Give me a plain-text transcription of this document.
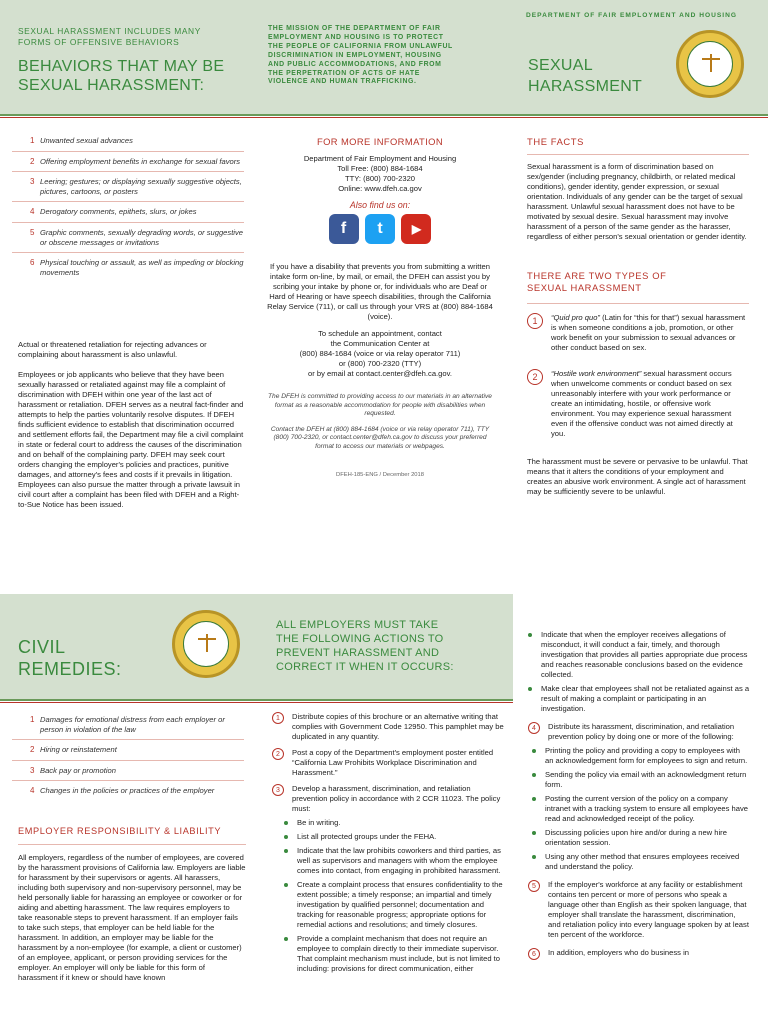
SEXUAL HARASSMENT INCLUDES MANY
FORMS OF OFFENSIVE BEHAVIORS
BEHAVIORS THAT MAY BE
SEXUAL HARASSMENT:
THE MISSION OF THE DEPARTMENT OF FAIR EMPLOYMENT AND HOUSING IS TO PROTECT THE PEOPLE OF CALIFORNIA FROM UNLAWFUL DISCRIMINATION IN EMPLOYMENT, HOUSING AND PUBLIC ACCOMMODATIONS, AND FROM THE PERPETRATION OF ACTS OF HATE VIOLENCE AND HUMAN TRAFFICKING.
DEPARTMENT OF FAIR EMPLOYMENT AND HOUSING
SEXUAL
HARASSMENT
1 Unwanted sexual advances
2 Offering employment benefits in exchange for sexual favors
3 Leering; gestures; or displaying sexually suggestive objects, pictures, cartoons, or posters
4 Derogatory comments, epithets, slurs, or jokes
5 Graphic comments, sexually degrading words, or suggestive or obscene messages or invitations
6 Physical touching or assault, as well as impeding or blocking movements

Actual or threatened retaliation for rejecting advances or complaining about harassment is also unlawful.

Employees or job applicants who believe that they have been sexually harassed or retaliated against may file a complaint of discrimination with DFEH within one year of the last act of harassment or retaliation. DFEH serves as a neutral fact-finder and attempts to help the parties voluntarily resolve disputes. If DFEH finds sufficient evidence to establish that discrimination occurred and settlement efforts fail, the Department may file a civil complaint in state or federal court to address the causes of the discrimination and on behalf of the complaining party. DFEH may seek court orders changing the employer's policies and practices, punitive damages, and attorney's fees and costs if it prevails in litigation. Employees can also pursue the matter through a private lawsuit in civil court after a complaint has been filed with DFEH and a Right-to-Sue Notice has been issued.

FOR MORE INFORMATION
Department of Fair Employment and Housing
Toll Free: (800) 884-1684
TTY: (800) 700-2320
Online: www.dfeh.ca.gov
Also find us on:
f t ▶

If you have a disability that prevents you from submitting a written intake form on-line, by mail, or email, the DFEH can assist you by scribing your intake by phone or, for individuals who are Deaf or Hard of Hearing or have speech disabilities, through the California Relay Service (711), or call us through your VRS at (800) 884-1684 (voice).

To schedule an appointment, contact
the Communication Center at
(800) 884-1684 (voice or via relay operator 711)
or (800) 700-2320 (TTY)
or by email at contact.center@dfeh.ca.gov.

The DFEH is committed to providing access to our materials in an alternative format as a reasonable accommodation for people with disabilities when requested.

Contact the DFEH at (800) 884-1684 (voice or via relay operator 711), TTY (800) 700-2320, or contact.center@dfeh.ca.gov to discuss your preferred format to access our materials or webpages.

DFEH-185-ENG / December 2018
THE FACTS

Sexual harassment is a form of discrimination based on sex/gender (including pregnancy, childbirth, or related medical conditions), gender identity, gender expression, or sexual orientation. Individuals of any gender can be the target of sexual harassment. Unlawful sexual harassment does not have to be motivated by sexual desire. Sexual harassment may involve harassment of a person of the same gender as the harasser, regardless of either person's sexual orientation or gender identity.

THERE ARE TWO TYPES OF
SEXUAL HARASSMENT
1	“Quid pro quo” (Latin for “this for that”) sexual harassment is when someone conditions a job, promotion, or other work benefit on your submission to sexual advances or other conduct based on sex.

2	“Hostile work environment” sexual harassment occurs when unwelcome comments or conduct based on sex unreasonably interfere with your work performance or create an intimidating, hostile, or offensive work environment. You may experience sexual harassment even if the offensive conduct was not aimed directly at you.

The harassment must be severe or pervasive to be unlawful. That means that it alters the conditions of your employment and creates an abusive work environment. A single act of harassment may be sufficiently severe to be unlawful.

CIVIL
REMEDIES:
ALL EMPLOYERS MUST TAKE
THE FOLLOWING ACTIONS TO
PREVENT HARASSMENT AND
CORRECT IT WHEN IT OCCURS:
1 Damages for emotional distress from each employer or person in violation of the law
2 Hiring or reinstatement
3 Back pay or promotion
4 Changes in the policies or practices of the employer
EMPLOYER RESPONSIBILITY & LIABILITY

All employers, regardless of the number of employees, are covered by the harassment provisions of California law. Employers are liable for harassment by their supervisors or agents. All harassers, including both supervisory and non-supervisory personnel, may be held personally liable for harassing an employee or coworker or for aiding and abetting harassment. The law requires employers to take reasonable steps to prevent harassment. If an employer fails to take such steps, that employer can be held liable for the harassment. In addition, an employer may be liable for the harassment by a non-employee (for example, a client or customer) of an employee, applicant, or person providing services for the employer. An employer will only be liable for this form of harassment if it knew or should have known

1	Distribute copies of this brochure or an alternative writing that complies with Government Code 12950. This pamphlet may be duplicated in any quantity.

2	Post a copy of the Department's employment poster entitled “California Law Prohibits Workplace Discrimination and Harassment.”

3	Develop a harassment, discrimination, and retaliation prevention policy in accordance with 2 CCR 11023. The policy must:

Be in writing.

List all protected groups under the FEHA.

Indicate that the law prohibits coworkers and third parties, as well as supervisors and managers with whom the employee comes into contact, from engaging in prohibited harassment.

Create a complaint process that ensures confidentiality to the extent possible; a timely response; an impartial and timely investigation by qualified personnel; documentation and tracking for reasonable progress; appropriate options for remedial actions and resolutions; and timely closures.

Provide a complaint mechanism that does not require an employee to complain directly to their immediate supervisor. That complaint mechanism must include, but is not limited to including: provisions for direct communication, either

Indicate that when the employer receives allegations of misconduct, it will conduct a fair, timely, and thorough investigation that provides all parties appropriate due process and reaches reasonable conclusions based on the evidence collected.

Make clear that employees shall not be retaliated against as a result of making a complaint or participating in an investigation.

4	Distribute its harassment, discrimination, and retaliation prevention policy by doing one or more of the following:

Printing the policy and providing a copy to employees with an acknowledgement form for employees to sign and return.

Sending the policy via email with an acknowledgment return form.

Posting the current version of the policy on a company intranet with a tracking system to ensure all employees have read and acknowledged receipt of the policy.

Discussing policies upon hire and/or during a new hire orientation session.

Using any other method that ensures employees received and understand the policy.

5	If the employer's workforce at any facility or establishment contains ten percent or more of persons who speak a language other than English as their spoken language, that employer shall translate the harassment, discrimination, and retaliation policy into every language spoken by at least ten percent of the workforce.

6	In addition, employers who do business in
